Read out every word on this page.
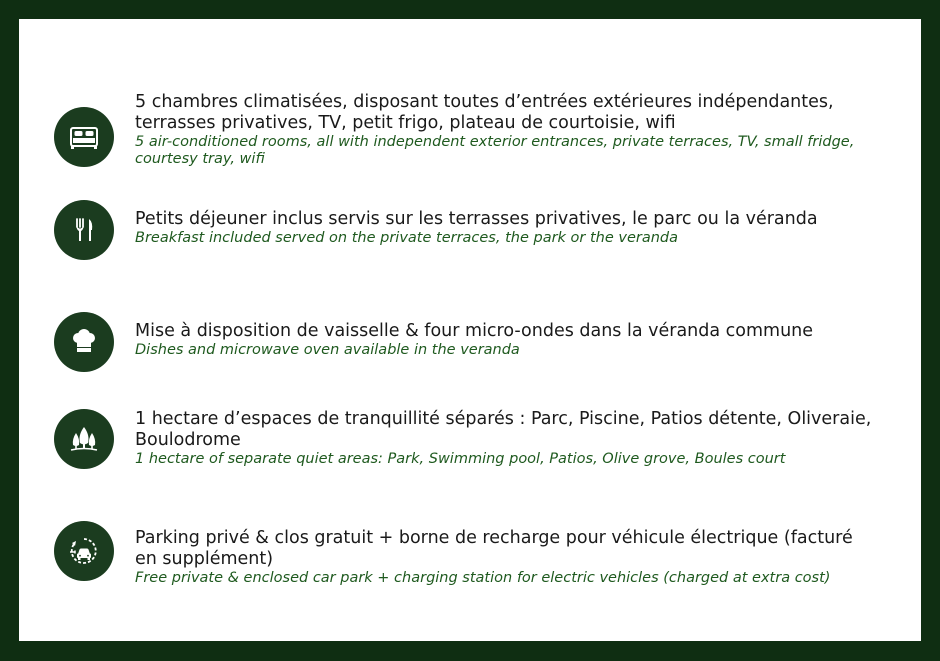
5 chambres climatisées, disposant toutes d’entrées extérieures indépendantes, terrasses privatives, TV, petit frigo, plateau de courtoisie, wifi
5 air-conditioned rooms, all with independent exterior entrances, private terraces, TV, small fridge, courtesy tray, wifi
Petits déjeuner inclus servis sur les terrasses privatives, le parc ou la véranda
Breakfast included served on the private terraces, the park or the veranda
Mise à disposition de vaisselle & four micro-ondes dans la véranda commune
Dishes and microwave oven available in the veranda
1 hectare d’espaces de tranquillité séparés : Parc, Piscine, Patios détente, Oliveraie, Boulodrome
1 hectare of separate quiet areas: Park, Swimming pool, Patios, Olive grove, Boules court
Parking privé & clos gratuit + borne de recharge pour véhicule électrique (facturé en supplément)
Free private & enclosed car park + charging station for electric vehicles (charged at extra cost)
